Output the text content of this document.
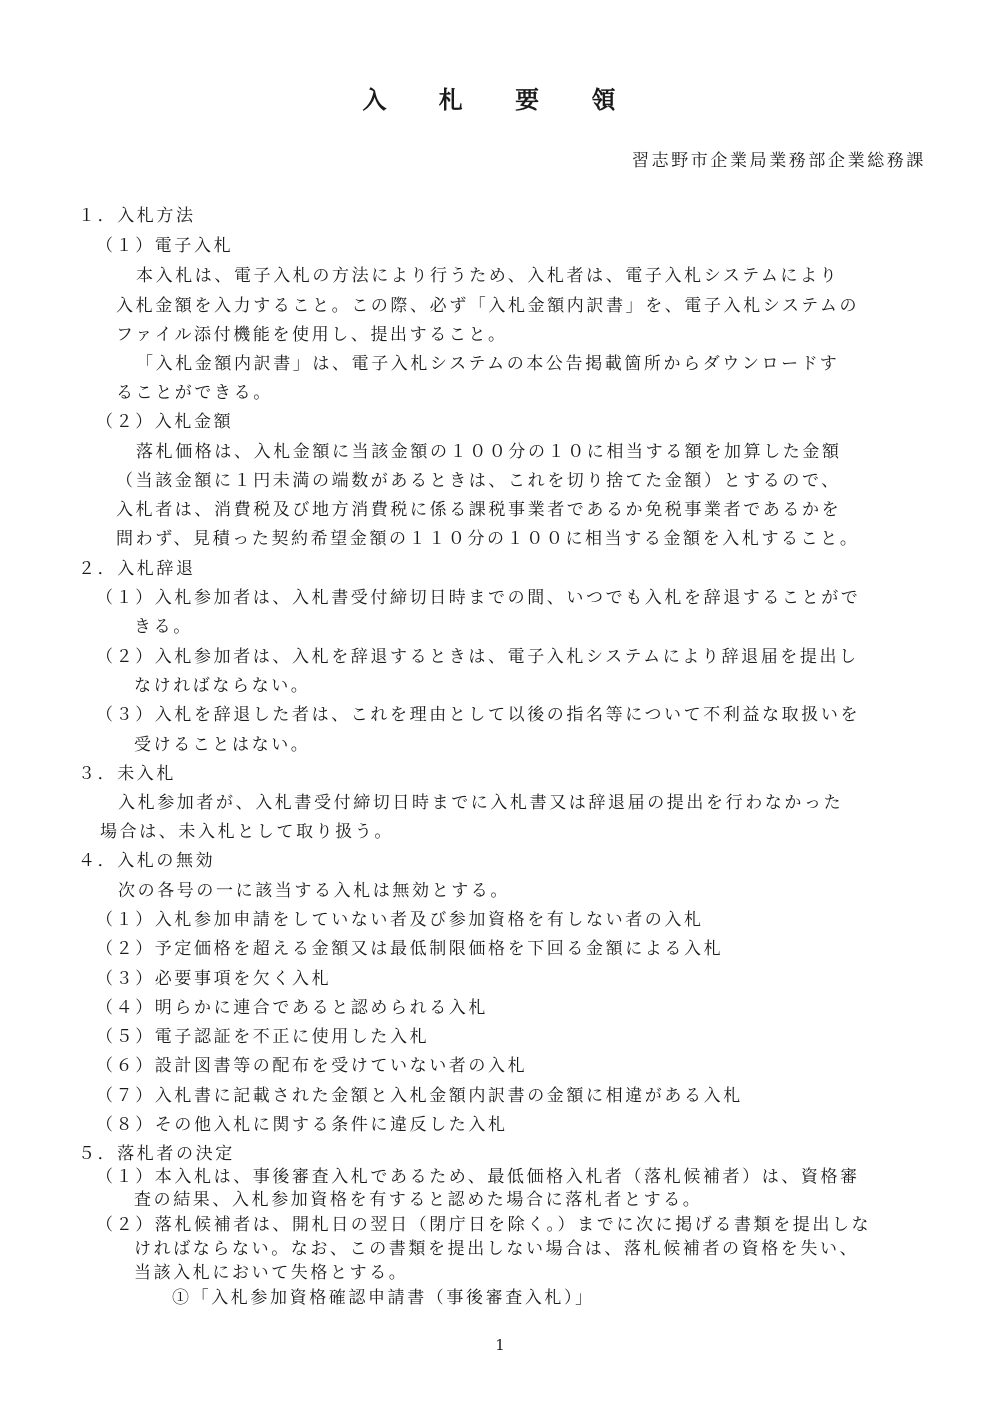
入 札 要 領
習志野市企業局業務部企業総務課
１．入札方法
（１）電子入札
本入札は、電子入札の方法により行うため、入札者は、電子入札システムにより
入札金額を入力すること。この際、必ず「入札金額内訳書」を、電子入札システムの
ファイル添付機能を使用し、提出すること。
「入札金額内訳書」は、電子入札システムの本公告掲載箇所からダウンロードす
ることができる。
（２）入札金額
落札価格は、入札金額に当該金額の１００分の１０に相当する額を加算した金額
（当該金額に１円未満の端数があるときは、これを切り捨てた金額）とするので、
入札者は、消費税及び地方消費税に係る課税事業者であるか免税事業者であるかを
問わず、見積った契約希望金額の１１０分の１００に相当する金額を入札すること。
２．入札辞退
（１）入札参加者は、入札書受付締切日時までの間、いつでも入札を辞退することがで
きる。
（２）入札参加者は、入札を辞退するときは、電子入札システムにより辞退届を提出し
なければならない。
（３）入札を辞退した者は、これを理由として以後の指名等について不利益な取扱いを
受けることはない。
３．未入札
入札参加者が、入札書受付締切日時までに入札書又は辞退届の提出を行わなかった
場合は、未入札として取り扱う。
４．入札の無効
次の各号の一に該当する入札は無効とする。
（１）入札参加申請をしていない者及び参加資格を有しない者の入札
（２）予定価格を超える金額又は最低制限価格を下回る金額による入札
（３）必要事項を欠く入札
（４）明らかに連合であると認められる入札
（５）電子認証を不正に使用した入札
（６）設計図書等の配布を受けていない者の入札
（７）入札書に記載された金額と入札金額内訳書の金額に相違がある入札
（８）その他入札に関する条件に違反した入札
５．落札者の決定
（１）本入札は、事後審査入札であるため、最低価格入札者（落札候補者）は、資格審
査の結果、入札参加資格を有すると認めた場合に落札者とする。
（２）落札候補者は、開札日の翌日（閉庁日を除く。）までに次に掲げる書類を提出しな
ければならない。なお、この書類を提出しない場合は、落札候補者の資格を失い、
当該入札において失格とする。
①「入札参加資格確認申請書（事後審査入札）」
1
